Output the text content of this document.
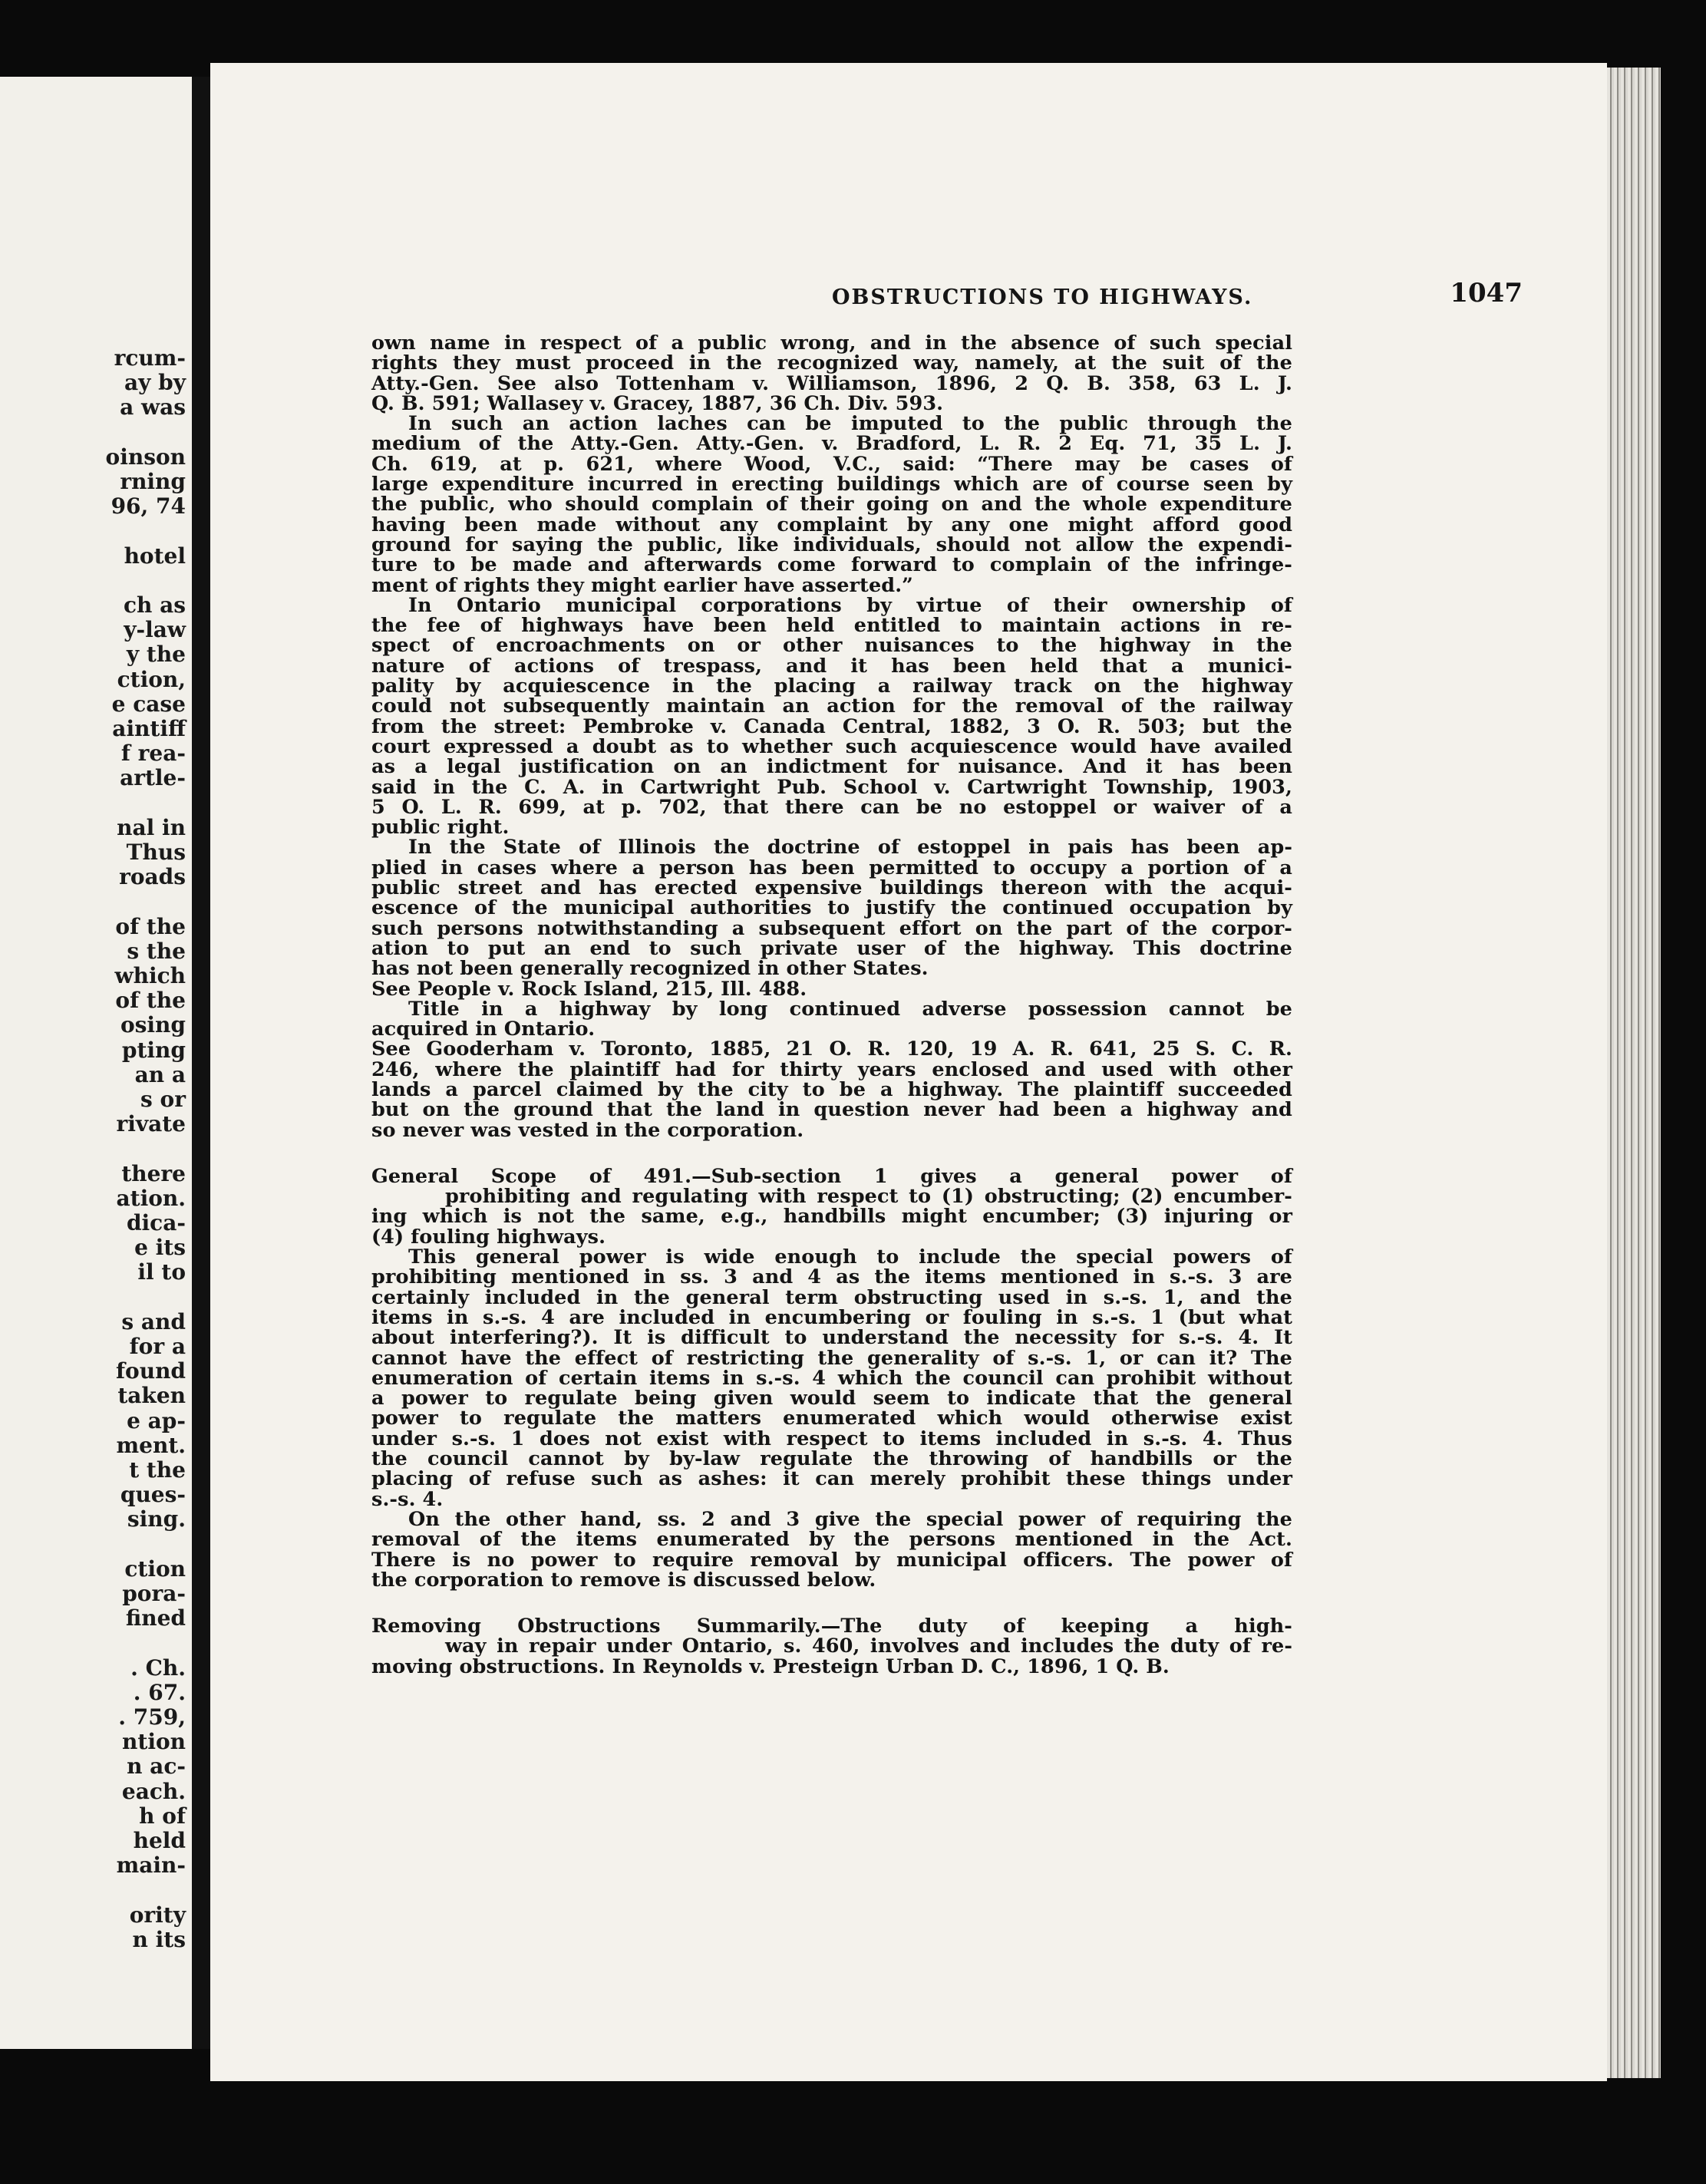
rcum-
ay by
a was
oinson
rning
96, 74
hotel
ch as
y-law
y the
ction,
e case
aintiff
f rea-
artle-
nal in
Thus
roads
of the
s the
which
of the
osing
pting
an a
s or
rivate
there
ation.
dica-
e its
il to
s and
for a
found
taken
e ap-
ment.
t the
ques-
sing.
ction
pora-
fined
. Ch.
. 67.
. 759,
ntion
n ac-
each.
h of
held
main-
ority
n its
OBSTRUCTIONS TO HIGHWAYS.	1047
own name in respect of a public wrong, and in the absence of such special
rights they must proceed in the recognized way, namely, at the suit of the
Atty.-Gen. See also Tottenham v. Williamson, 1896, 2 Q. B. 358, 63 L. J.
Q. B. 591; Wallasey v. Gracey, 1887, 36 Ch. Div. 593.
In such an action laches can be imputed to the public through the
medium of the Atty.-Gen. Atty.-Gen. v. Bradford, L. R. 2 Eq. 71, 35 L. J.
Ch. 619, at p. 621, where Wood, V.C., said: “There may be cases of
large expenditure incurred in erecting buildings which are of course seen by
the public, who should complain of their going on and the whole expenditure
having been made without any complaint by any one might afford good
ground for saying the public, like individuals, should not allow the expendi-
ture to be made and afterwards come forward to complain of the infringe-
ment of rights they might earlier have asserted.”
In Ontario municipal corporations by virtue of their ownership of
the fee of highways have been held entitled to maintain actions in re-
spect of encroachments on or other nuisances to the highway in the
nature of actions of trespass, and it has been held that a munici-
pality by acquiescence in the placing a railway track on the highway
could not subsequently maintain an action for the removal of the railway
from the street: Pembroke v. Canada Central, 1882, 3 O. R. 503; but the
court expressed a doubt as to whether such acquiescence would have availed
as a legal justification on an indictment for nuisance. And it has been
said in the C. A. in Cartwright Pub. School v. Cartwright Township, 1903,
5 O. L. R. 699, at p. 702, that there can be no estoppel or waiver of a
public right.
In the State of Illinois the doctrine of estoppel in pais has been ap-
plied in cases where a person has been permitted to occupy a portion of a
public street and has erected expensive buildings thereon with the acqui-
escence of the municipal authorities to justify the continued occupation by
such persons notwithstanding a subsequent effort on the part of the corpor-
ation to put an end to such private user of the highway. This doctrine
has not been generally recognized in other States.
See People v. Rock Island, 215, Ill. 488.
Title in a highway by long continued adverse possession cannot be
acquired in Ontario.
See Gooderham v. Toronto, 1885, 21 O. R. 120, 19 A. R. 641, 25 S. C. R.
246, where the plaintiff had for thirty years enclosed and used with other
lands a parcel claimed by the city to be a highway. The plaintiff succeeded
but on the ground that the land in question never had been a highway and
so never was vested in the corporation.
General Scope of 491.—Sub-section 1 gives a general power of
prohibiting and regulating with respect to (1) obstructing; (2) encumber-
ing which is not the same, e.g., handbills might encumber; (3) injuring or
(4) fouling highways.
This general power is wide enough to include the special powers of
prohibiting mentioned in ss. 3 and 4 as the items mentioned in s.-s. 3 are
certainly included in the general term obstructing used in s.-s. 1, and the
items in s.-s. 4 are included in encumbering or fouling in s.-s. 1 (but what
about interfering?). It is difficult to understand the necessity for s.-s. 4. It
cannot have the effect of restricting the generality of s.-s. 1, or can it? The
enumeration of certain items in s.-s. 4 which the council can prohibit without
a power to regulate being given would seem to indicate that the general
power to regulate the matters enumerated which would otherwise exist
under s.-s. 1 does not exist with respect to items included in s.-s. 4. Thus
the council cannot by by-law regulate the throwing of handbills or the
placing of refuse such as ashes: it can merely prohibit these things under
s.-s. 4.
On the other hand, ss. 2 and 3 give the special power of requiring the
removal of the items enumerated by the persons mentioned in the Act.
There is no power to require removal by municipal officers. The power of
the corporation to remove is discussed below.
Removing Obstructions Summarily.—The duty of keeping a high-
way in repair under Ontario, s. 460, involves and includes the duty of re-
moving obstructions. In Reynolds v. Presteign Urban D. C., 1896, 1 Q. B.
